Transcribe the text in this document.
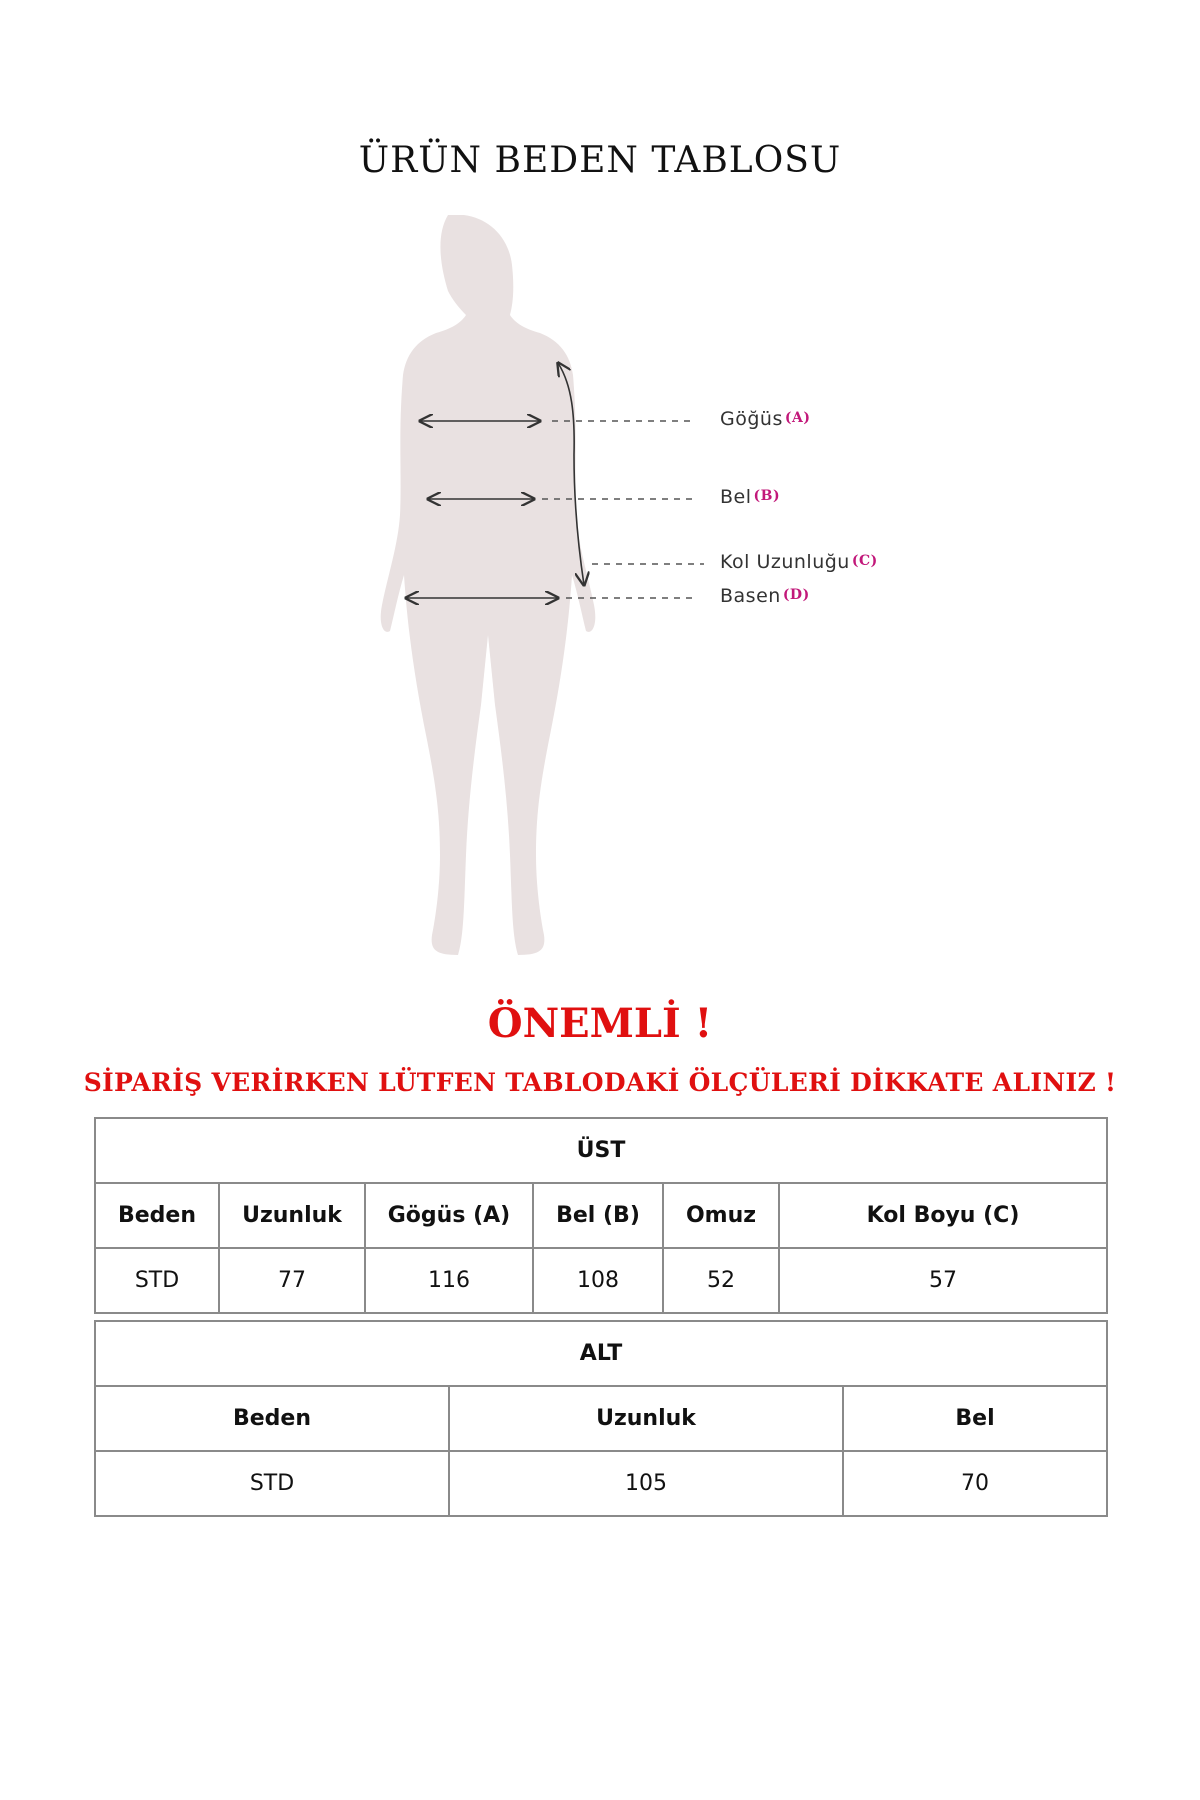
ÜRÜN BEDEN TABLOSU
Göğüs (A)
Bel (B)
Kol Uzunluğu (C)
Basen (D)
ÖNEMLİ !
SİPARİŞ VERİRKEN LÜTFEN TABLODAKİ ÖLÇÜLERİ DİKKATE ALINIZ !
ÜST					
Beden	Uzunluk	Gögüs (A)	Bel (B)	Omuz	Kol Boyu (C)
STD	77	116	108	52	57
ALT		
Beden	Uzunluk	Bel
STD	105	70
